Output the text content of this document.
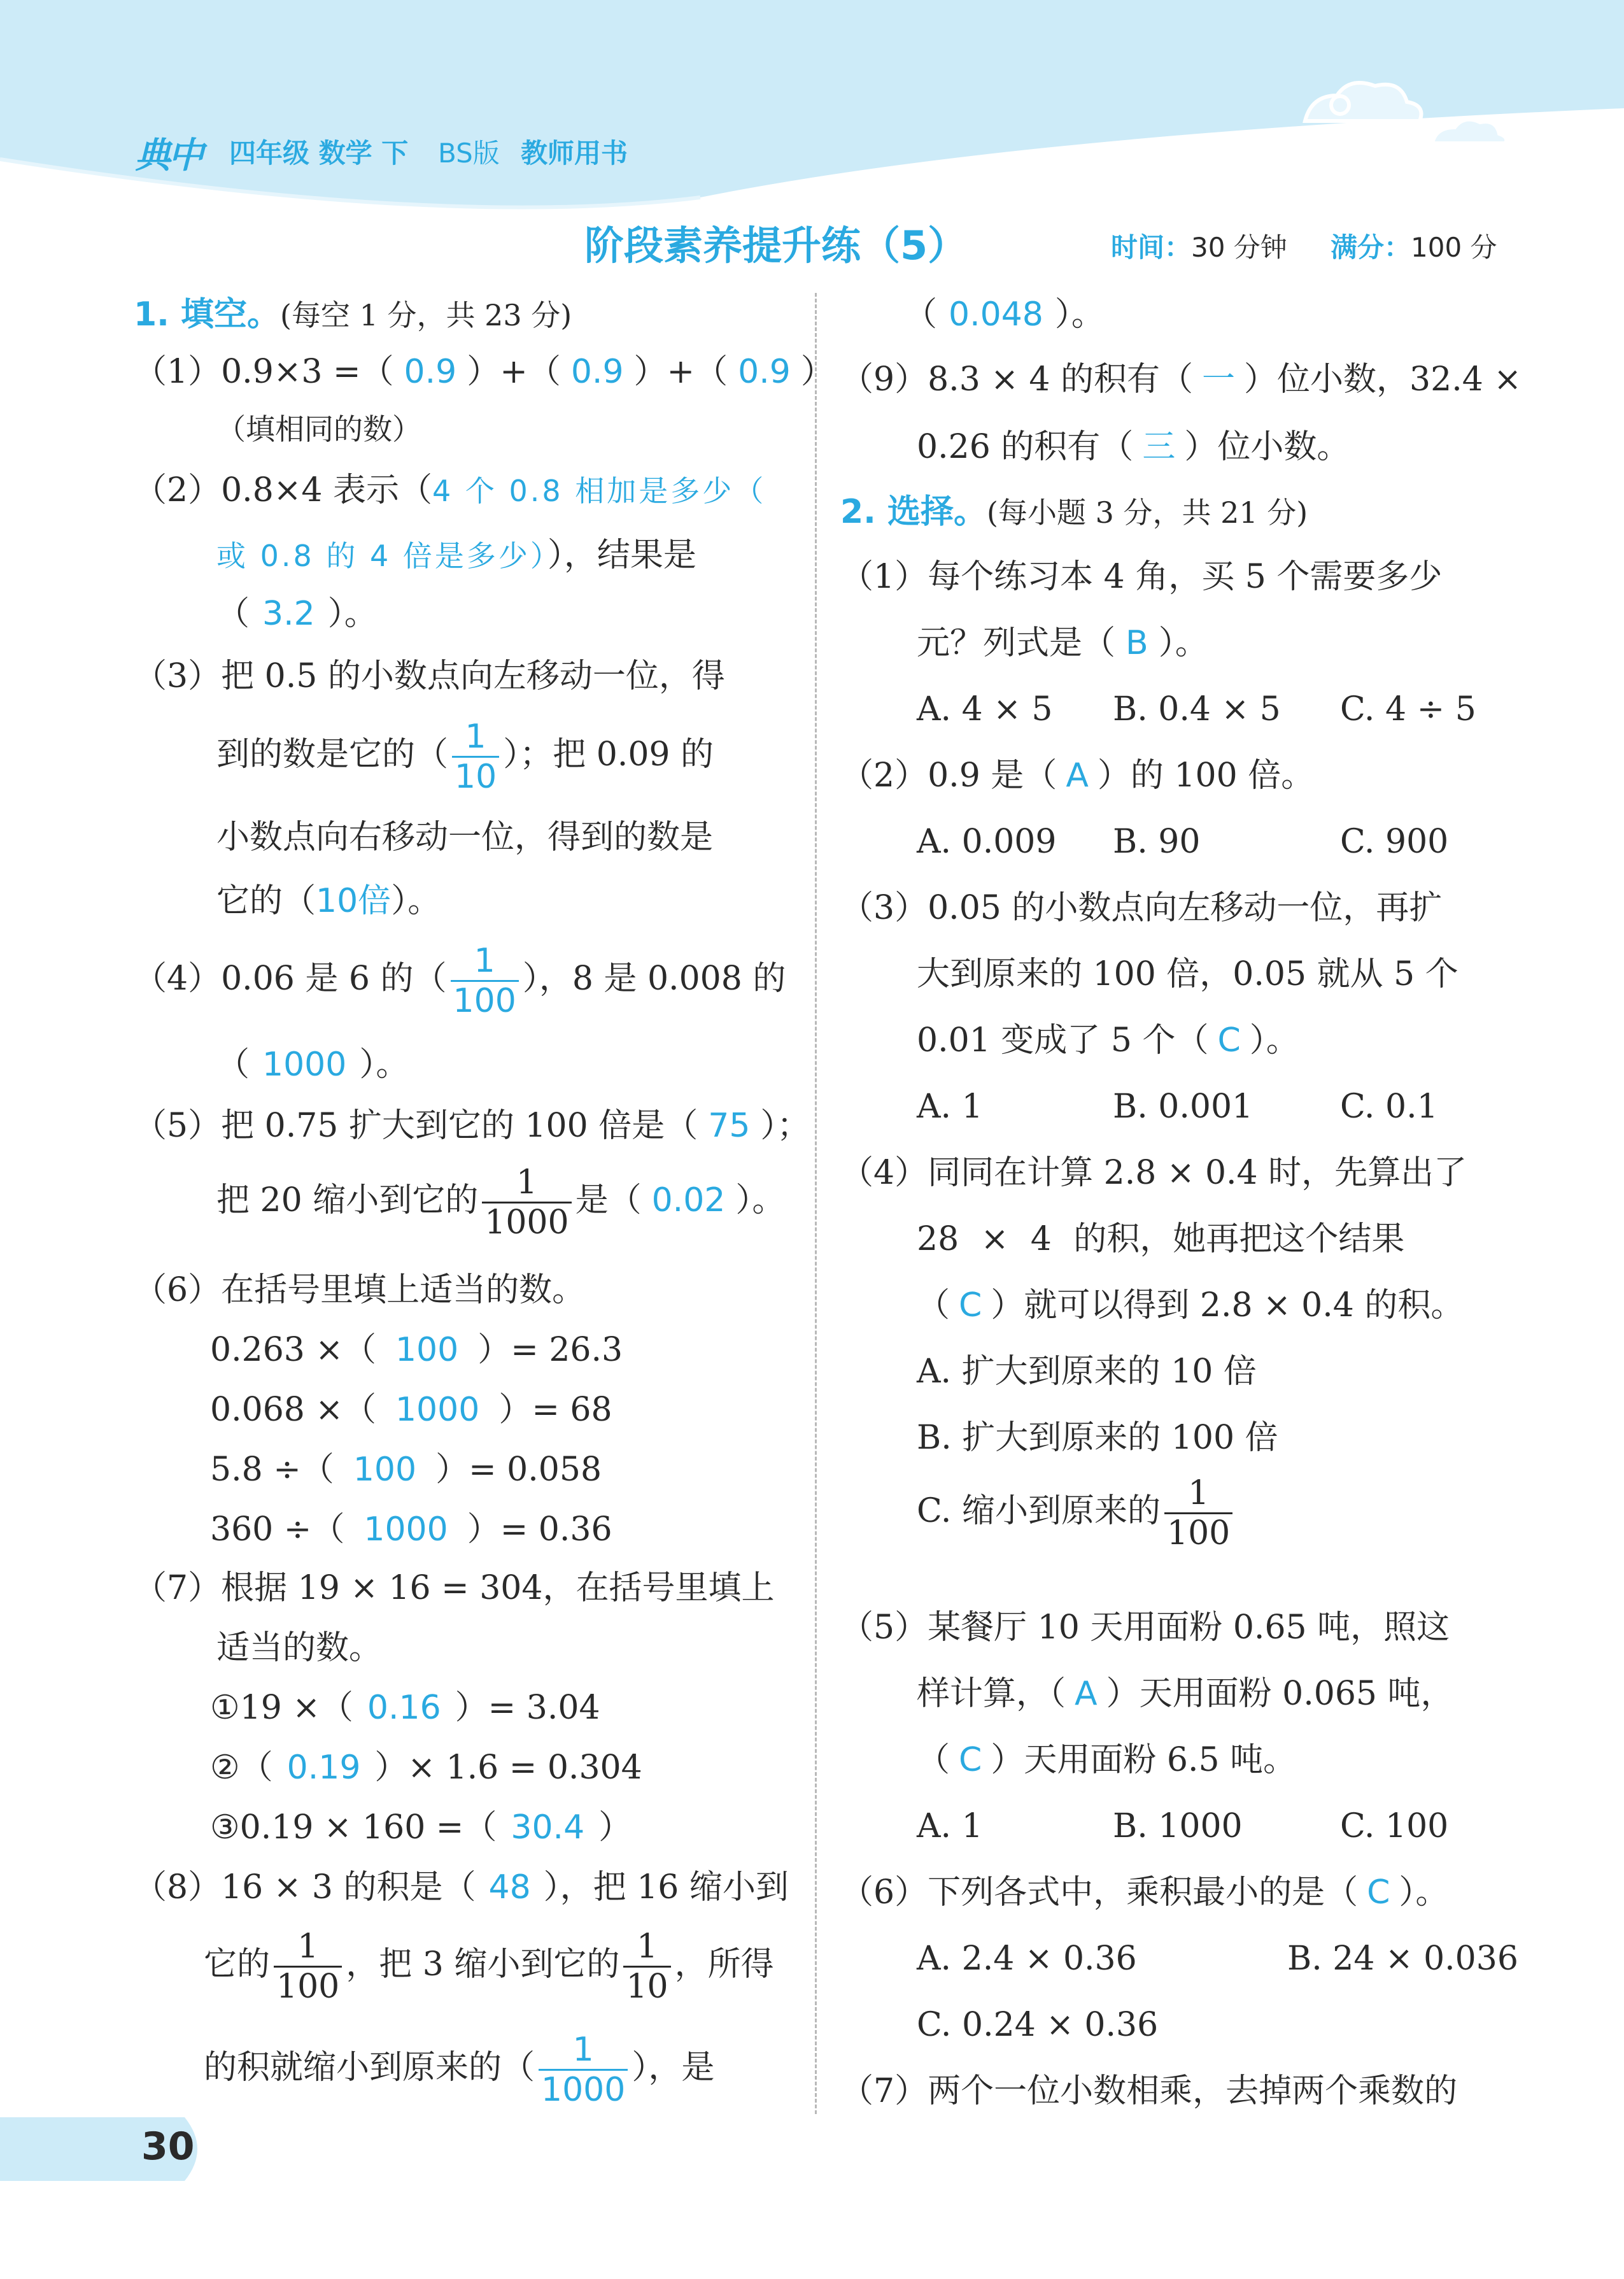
典中 四年级 数学 下 BS版 教师用书
阶段素养提升练（5）	时间：30 分钟 满分：100 分
1. 填空。(每空 1 分，共 23 分)
（1）0.9×3 =（ 0.9 ）+（ 0.9 ）+（ 0.9 ）
（填相同的数）
（2）0.8×4 表示（4 个 0.8 相加是多少（
或 0.8 的 4 倍是多少）），结果是
（ 3.2 ）。
（3）把 0.5 的小数点向左移动一位，得
到的数是它的（ $\frac{1}{10}$ ）；把 0.09 的
小数点向右移动一位，得到的数是
它的（10倍）。
（4）0.06 是 6 的（ $\frac{1}{100}$ ），8 是 0.008 的
（ 1000 ）。
（5）把 0.75 扩大到它的 100 倍是（ 75 ）；
把 20 缩小到它的 $\frac{1}{1000}$ 是（ 0.02 ）。
（6）在括号里填上适当的数。
0.263 ×（ 100 ）= 26.3
0.068 ×（ 1000 ）= 68
5.8 ÷（ 100 ）= 0.058
360 ÷（ 1000 ）= 0.36
（7）根据 19 × 16 = 304，在括号里填上
适当的数。
①19 ×（ 0.16 ）= 3.04
②（ 0.19 ）× 1.6 = 0.304
③0.19 × 160 =（ 30.4 ）
（8）16 × 3 的积是（ 48 ），把 16 缩小到
它的 $\frac{1}{100}$ ，把 3 缩小到它的 $\frac{1}{10}$ ，所得
的积就缩小到原来的（ $\frac{1}{1000}$ ），是
30
（ 0.048 ）。
（9）8.3 × 4 的积有（ 一 ）位小数，32.4 ×
0.26 的积有（ 三 ）位小数。
2. 选择。(每小题 3 分，共 21 分)
（1）每个练习本 4 角，买 5 个需要多少
元？列式是（ B ）。
A. 4 × 5 B. 0.4 × 5 C. 4 ÷ 5
（2）0.9 是（ A ）的 100 倍。
A. 0.009 B. 90	C. 900
（3）0.05 的小数点向左移动一位，再扩
大到原来的 100 倍，0.05 就从 5 个
0.01 变成了 5 个（ C ）。
A. 1	B. 0.001	C. 0.1
（4）同同在计算 2.8 × 0.4 时，先算出了
28 × 4 的积，她再把这个结果
（ C ）就可以得到 2.8 × 0.4 的积。
A. 扩大到原来的 10 倍
B. 扩大到原来的 100 倍
C. 缩小到原来的 $\frac{1}{100}$
（5）某餐厅 10 天用面粉 0.65 吨，照这
样计算，（ A ）天用面粉 0.065 吨，
（ C ）天用面粉 6.5 吨。
A. 1	B. 1000	C. 100
（6）下列各式中，乘积最小的是（ C ）。
A. 2.4 × 0.36	B. 24 × 0.036
C. 0.24 × 0.36
（7）两个一位小数相乘，去掉两个乘数的
